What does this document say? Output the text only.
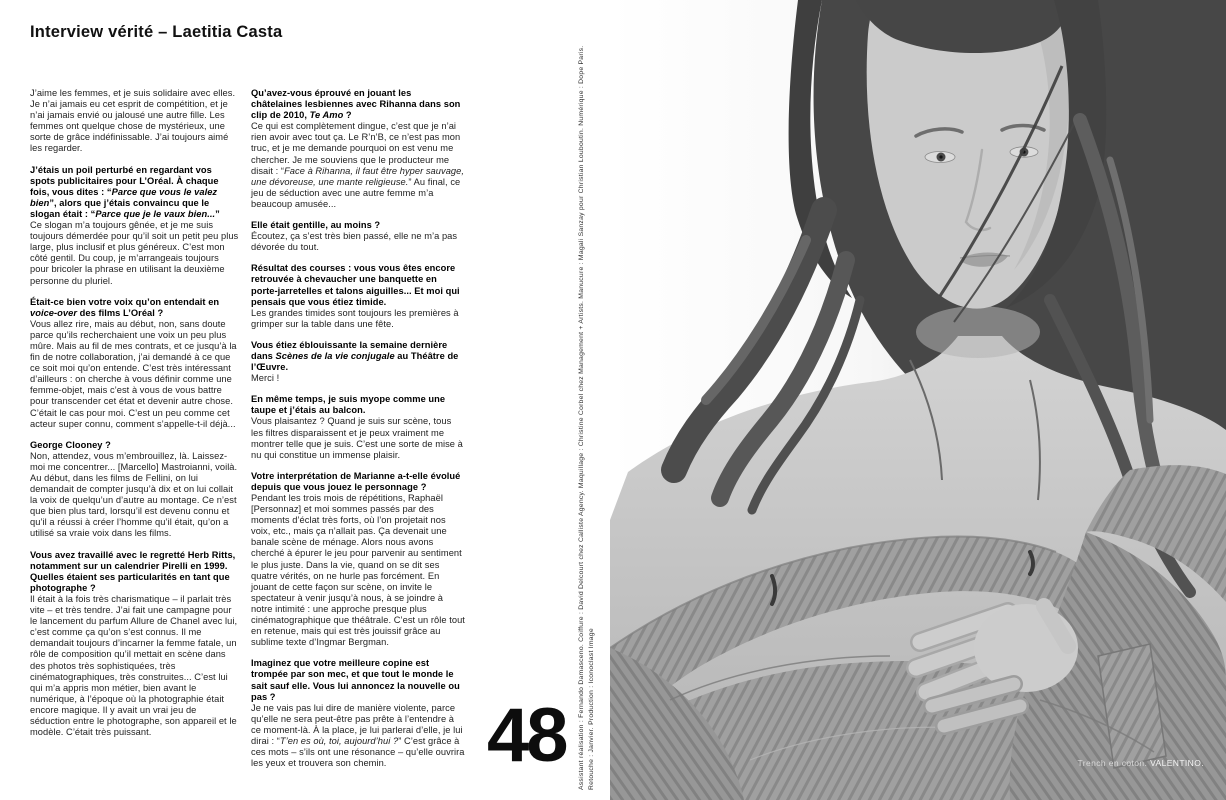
Interview vérité – Laetitia Casta

J’aime les femmes, et je suis solidaire avec elles. Je n’ai jamais eu cet esprit de compétition, et je n’ai jamais envié ou jalousé une autre fille. Les femmes ont quelque chose de mystérieux, une sorte de grâce indéfinissable. J’ai toujours aimé les regarder.

J’étais un poil perturbé en regardant vos spots publicitaires pour L’Oréal. À chaque fois, vous dites : “Parce que vous le valez bien”, alors que j’étais convaincu que le slogan était : “Parce que je le vaux bien...”

Ce slogan m’a toujours gênée, et je me suis toujours démerdée pour qu’il soit un petit peu plus large, plus inclusif et plus généreux. C’est mon côté gentil. Du coup, je m’arrangeais toujours pour bricoler la phrase en utilisant la deuxième personne du pluriel.

Était-ce bien votre voix qu’on entendait en voice-over des films L’Oréal ?

Vous allez rire, mais au début, non, sans doute parce qu’ils recherchaient une voix un peu plus mûre. Mais au fil de mes contrats, et ce jusqu’à la fin de notre collaboration, j’ai demandé à ce que ce soit moi qu’on entende. C’est très intéressant d’ailleurs : on cherche à vous définir comme une femme-objet, mais c’est à vous de vous battre pour transcender cet état et devenir autre chose. C’était le cas pour moi. C’est un peu comme cet acteur super connu, comment s’appelle-t-il déjà...

George Clooney ?

Non, attendez, vous m’embrouillez, là. Laissez-moi me concentrer... [Marcello] Mastroianni, voilà. Au début, dans les films de Fellini, on lui demandait de compter jusqu’à dix et on lui collait la voix de quelqu’un d’autre au montage. Ce n’est que bien plus tard, lorsqu’il est devenu connu et qu’il a réussi à créer l’homme qu’il était, qu’on a utilisé sa vraie voix dans les films.

Vous avez travaillé avec le regretté Herb Ritts, notamment sur un calendrier Pirelli en 1999. Quelles étaient ses particularités en tant que photographe ?

Il était à la fois très charismatique – il parlait très vite – et très tendre. J’ai fait une campagne pour le lancement du parfum Allure de Chanel avec lui, c’est comme ça qu’on s’est connus. Il me demandait toujours d’incarner la femme fatale, un rôle de composition qu’il mettait en scène dans des photos très sophistiquées, très cinématographiques, très construites... C’est lui qui m’a appris mon métier, bien avant le numérique, à l’époque où la photographie était encore magique. Il y avait un vrai jeu de séduction entre le photographe, son appareil et le modèle. C’était très puissant.

Qu’avez-vous éprouvé en jouant les châtelaines lesbiennes avec Rihanna dans son clip de 2010, Te Amo ?

Ce qui est complètement dingue, c’est que je n’ai rien avoir avec tout ça. Le R’n’B, ce n’est pas mon truc, et je me demande pourquoi on est venu me chercher. Je me souviens que le producteur me disait : “Face à Rihanna, il faut être hyper sauvage, une dévoreuse, une mante religieuse.” Au final, ce jeu de séduction avec une autre femme m’a beaucoup amusée...

Elle était gentille, au moins ?

Écoutez, ça s’est très bien passé, elle ne m’a pas dévorée du tout.

Résultat des courses : vous vous êtes encore retrouvée à chevaucher une banquette en porte-jarretelles et talons aiguilles... Et moi qui pensais que vous étiez timide.

Les grandes timides sont toujours les premières à grimper sur la table dans une fête.

Vous étiez éblouissante la semaine dernière dans Scènes de la vie conjugale au Théâtre de l’Œuvre.

Merci !

En même temps, je suis myope comme une taupe et j’étais au balcon.

Vous plaisantez ? Quand je suis sur scène, tous les filtres disparaissent et je peux vraiment me montrer telle que je suis. C’est une sorte de mise à nu qui constitue un immense plaisir.

Votre interprétation de Marianne a-t-elle évolué depuis que vous jouez le personnage ?

Pendant les trois mois de répétitions, Raphaël [Personnaz] et moi sommes passés par des moments d’éclat très forts, où l’on projetait nos voix, etc., mais ça n’allait pas. Ça devenait une banale scène de ménage. Alors nous avons cherché à épurer le jeu pour parvenir au sentiment le plus juste. Dans la vie, quand on se dit ses quatre vérités, on ne hurle pas forcément. En jouant de cette façon sur scène, on invite le spectateur à venir jusqu’à nous, à se joindre à notre intimité : une approche presque plus cinématographique que théâtrale. C’est un rôle tout en retenue, mais qui est très jouissif grâce au sublime texte d’Ingmar Bergman.

Imaginez que votre meilleure copine est trompée par son mec, et que tout le monde le sait sauf elle. Vous lui annoncez la nouvelle ou pas ?

Je ne vais pas lui dire de manière violente, parce qu’elle ne sera peut-être pas prête à l’entendre à ce moment-là. À la place, je lui parlerai d’elle, je lui dirai : “T’en es où, toi, aujourd’hui ?” C’est grâce à ces mots – s’ils ont une résonance – qu’elle ouvrira les yeux et trouvera son chemin.	48 Assistant réalisation : Fernando Damasceno. Coiffure : David Delcourt chez Calliste Agency. Maquillage : Christine Corbel chez Management + Artists. Manucure : Magali Sanzay pour Christian Louboutin. Numérique : Dope Paris. Retouche : Janvier. Production : Iconoclast Image	Trench en coton. VALENTINO.
